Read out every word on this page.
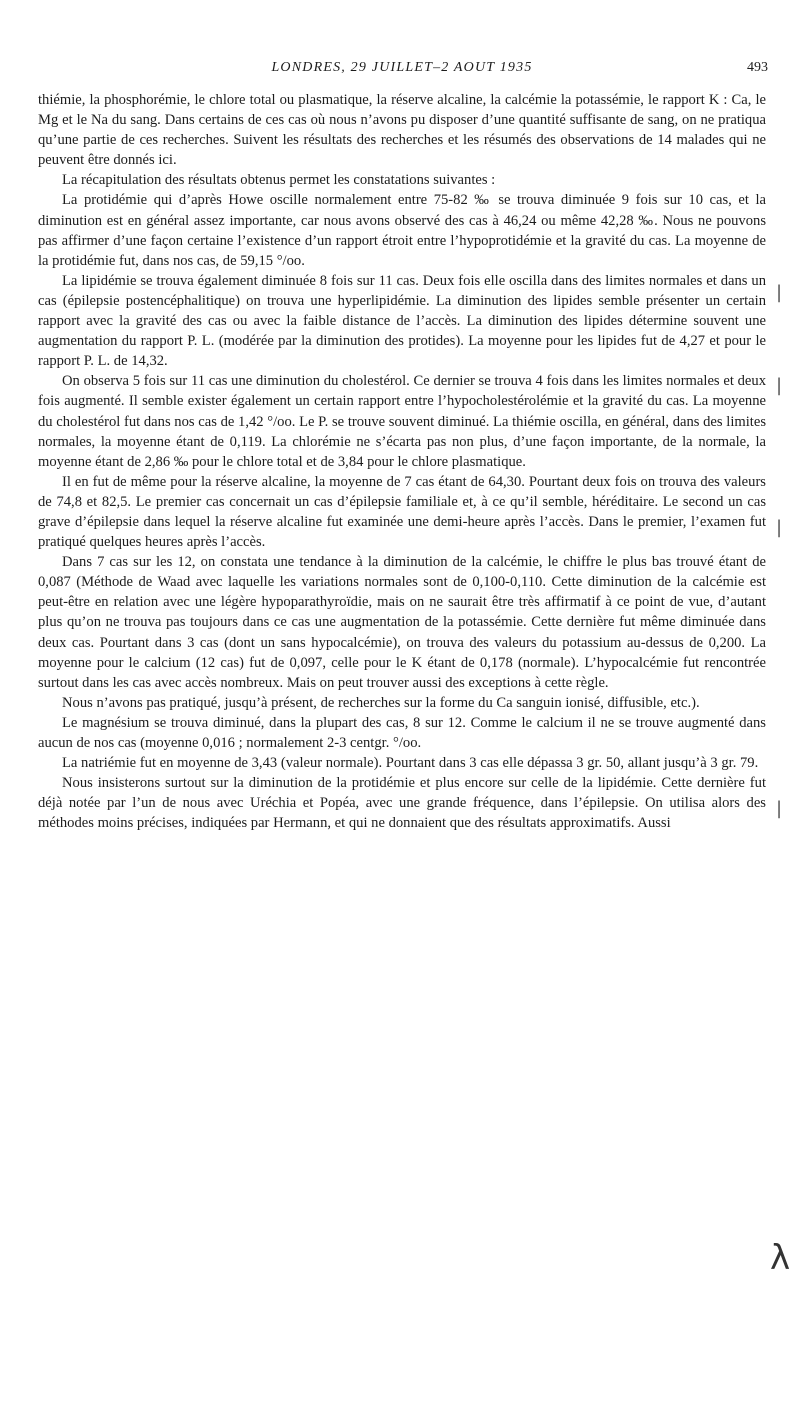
LONDRES, 29 JUILLET–2 AOUT 1935	493

thiémie, la phosphorémie, le chlore total ou plasmatique, la réserve alcaline, la calcémie la potassémie, le rapport K : Ca, le Mg et le Na du sang. Dans certains de ces cas où nous n’avons pu disposer d’une quantité suffisante de sang, on ne pratiqua qu’une partie de ces recherches. Suivent les résultats des recherches et les résumés des observations de 14 malades qui ne peuvent être donnés ici.

La récapitulation des résultats obtenus permet les constatations suivantes :

La protidémie qui d’après Howe oscille normalement entre 75-82 ‰ se trouva diminuée 9 fois sur 10 cas, et la diminution est en général assez importante, car nous avons observé des cas à 46,24 ou même 42,28 ‰. Nous ne pouvons pas affirmer d’une façon certaine l’existence d’un rapport étroit entre l’hypoprotidémie et la gravité du cas. La moyenne de la protidémie fut, dans nos cas, de 59,15 °/oo.

La lipidémie se trouva également diminuée 8 fois sur 11 cas. Deux fois elle oscilla dans des limites normales et dans un cas (épilepsie postencéphalitique) on trouva une hyperlipidémie. La diminution des lipides semble présenter un certain rapport avec la gravité des cas ou avec la faible distance de l’accès. La diminution des lipides détermine souvent une augmentation du rapport P. L. (modérée par la diminution des protides). La moyenne pour les lipides fut de 4,27 et pour le rapport P. L. de 14,32.

On observa 5 fois sur 11 cas une diminution du cholestérol. Ce dernier se trouva 4 fois dans les limites normales et deux fois augmenté. Il semble exister également un certain rapport entre l’hypocholestérolémie et la gravité du cas. La moyenne du cholestérol fut dans nos cas de 1,42 °/oo. Le P. se trouve souvent diminué. La thiémie oscilla, en général, dans des limites normales, la moyenne étant de 0,119. La chlorémie ne s’écarta pas non plus, d’une façon importante, de la normale, la moyenne étant de 2,86 ‰ pour le chlore total et de 3,84 pour le chlore plasmatique.

Il en fut de même pour la réserve alcaline, la moyenne de 7 cas étant de 64,30. Pourtant deux fois on trouva des valeurs de 74,8 et 82,5. Le premier cas concernait un cas d’épilepsie familiale et, à ce qu’il semble, héréditaire. Le second un cas grave d’épilepsie dans lequel la réserve alcaline fut examinée une demi-heure après l’accès. Dans le premier, l’examen fut pratiqué quelques heures après l’accès.

Dans 7 cas sur les 12, on constata une tendance à la diminution de la calcémie, le chiffre le plus bas trouvé étant de 0,087 (Méthode de Waad avec laquelle les variations normales sont de 0,100-0,110. Cette diminution de la calcémie est peut-être en relation avec une légère hypoparathyroïdie, mais on ne saurait être très affirmatif à ce point de vue, d’autant plus qu’on ne trouva pas toujours dans ce cas une augmentation de la potassémie. Cette dernière fut même diminuée dans deux cas. Pourtant dans 3 cas (dont un sans hypocalcémie), on trouva des valeurs du potassium au-dessus de 0,200. La moyenne pour le calcium (12 cas) fut de 0,097, celle pour le K étant de 0,178 (normale). L’hypocalcémie fut rencontrée surtout dans les cas avec accès nombreux. Mais on peut trouver aussi des exceptions à cette règle.

Nous n’avons pas pratiqué, jusqu’à présent, de recherches sur la forme du Ca sanguin ionisé, diffusible, etc.).

Le magnésium se trouva diminué, dans la plupart des cas, 8 sur 12. Comme le calcium il ne se trouve augmenté dans aucun de nos cas (moyenne 0,016 ; normalement 2-3 centgr. °/oo.

La natriémie fut en moyenne de 3,43 (valeur normale). Pourtant dans 3 cas elle dépassa 3 gr. 50, allant jusqu’à 3 gr. 79.

Nous insisterons surtout sur la diminution de la protidémie et plus encore sur celle de la lipidémie. Cette dernière fut déjà notée par l’un de nous avec Uréchia et Popéa, avec une grande fréquence, dans l’épilepsie. On utilisa alors des méthodes moins précises, indiquées par Hermann, et qui ne donnaient que des résultats approximatifs. Aussi

|
|
|
|
λ
